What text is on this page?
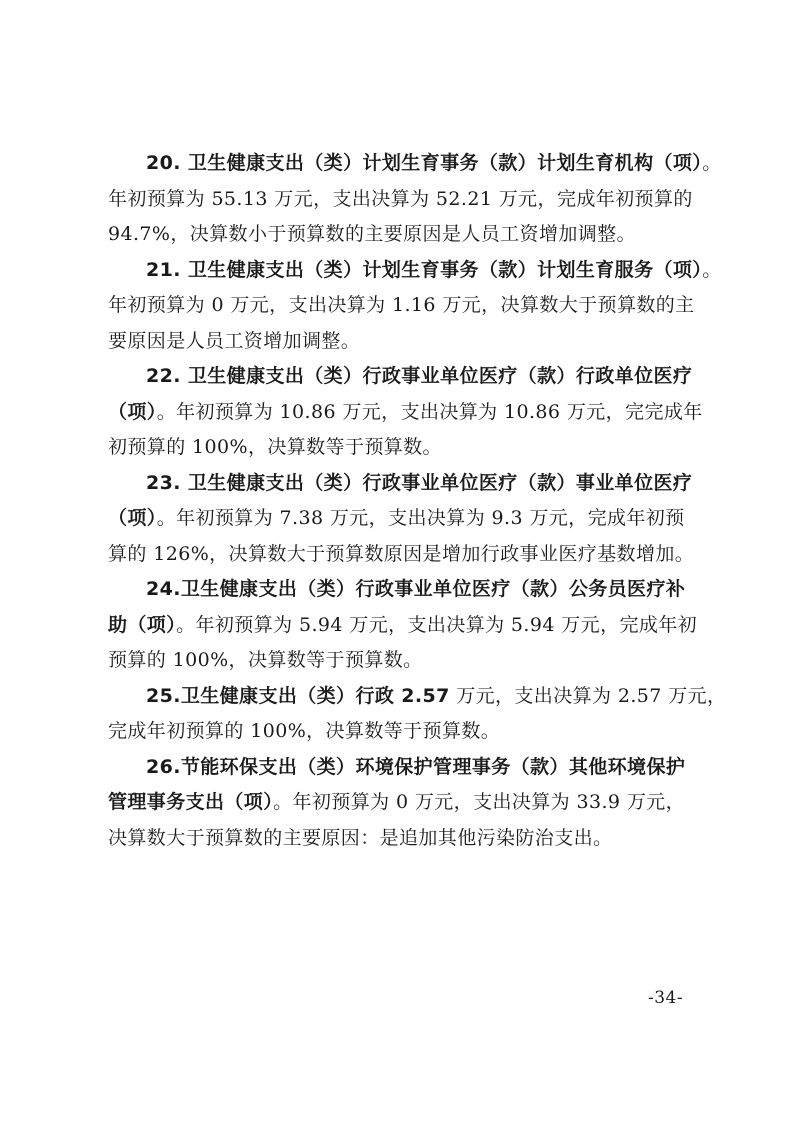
20. 卫生健康支出（类）计划生育事务（款）计划生育机构（项）。
年初预算为 55.13 万元，支出决算为 52.21 万元，完成年初预算的
94.7%，决算数小于预算数的主要原因是人员工资增加调整。

21. 卫生健康支出（类）计划生育事务（款）计划生育服务（项）。
年初预算为 0 万元，支出决算为 1.16 万元，决算数大于预算数的主
要原因是人员工资增加调整。

22. 卫生健康支出（类）行政事业单位医疗（款）行政单位医疗
（项）。年初预算为 10.86 万元，支出决算为 10.86 万元，完完成年
初预算的 100%，决算数等于预算数。

23. 卫生健康支出（类）行政事业单位医疗（款）事业单位医疗
（项）。年初预算为 7.38 万元，支出决算为 9.3 万元，完成年初预
算的 126%，决算数大于预算数原因是增加行政事业医疗基数增加。

24.卫生健康支出（类）行政事业单位医疗（款）公务员医疗补
助（项）。年初预算为 5.94 万元，支出决算为 5.94 万元，完成年初
预算的 100%，决算数等于预算数。

25.卫生健康支出（类）行政 2.57 万元，支出决算为 2.57 万元，
完成年初预算的 100%，决算数等于预算数。

26.节能环保支出（类）环境保护管理事务（款）其他环境保护
管理事务支出（项）。年初预算为 0 万元，支出决算为 33.9 万元，
决算数大于预算数的主要原因：是追加其他污染防治支出。

-34-
